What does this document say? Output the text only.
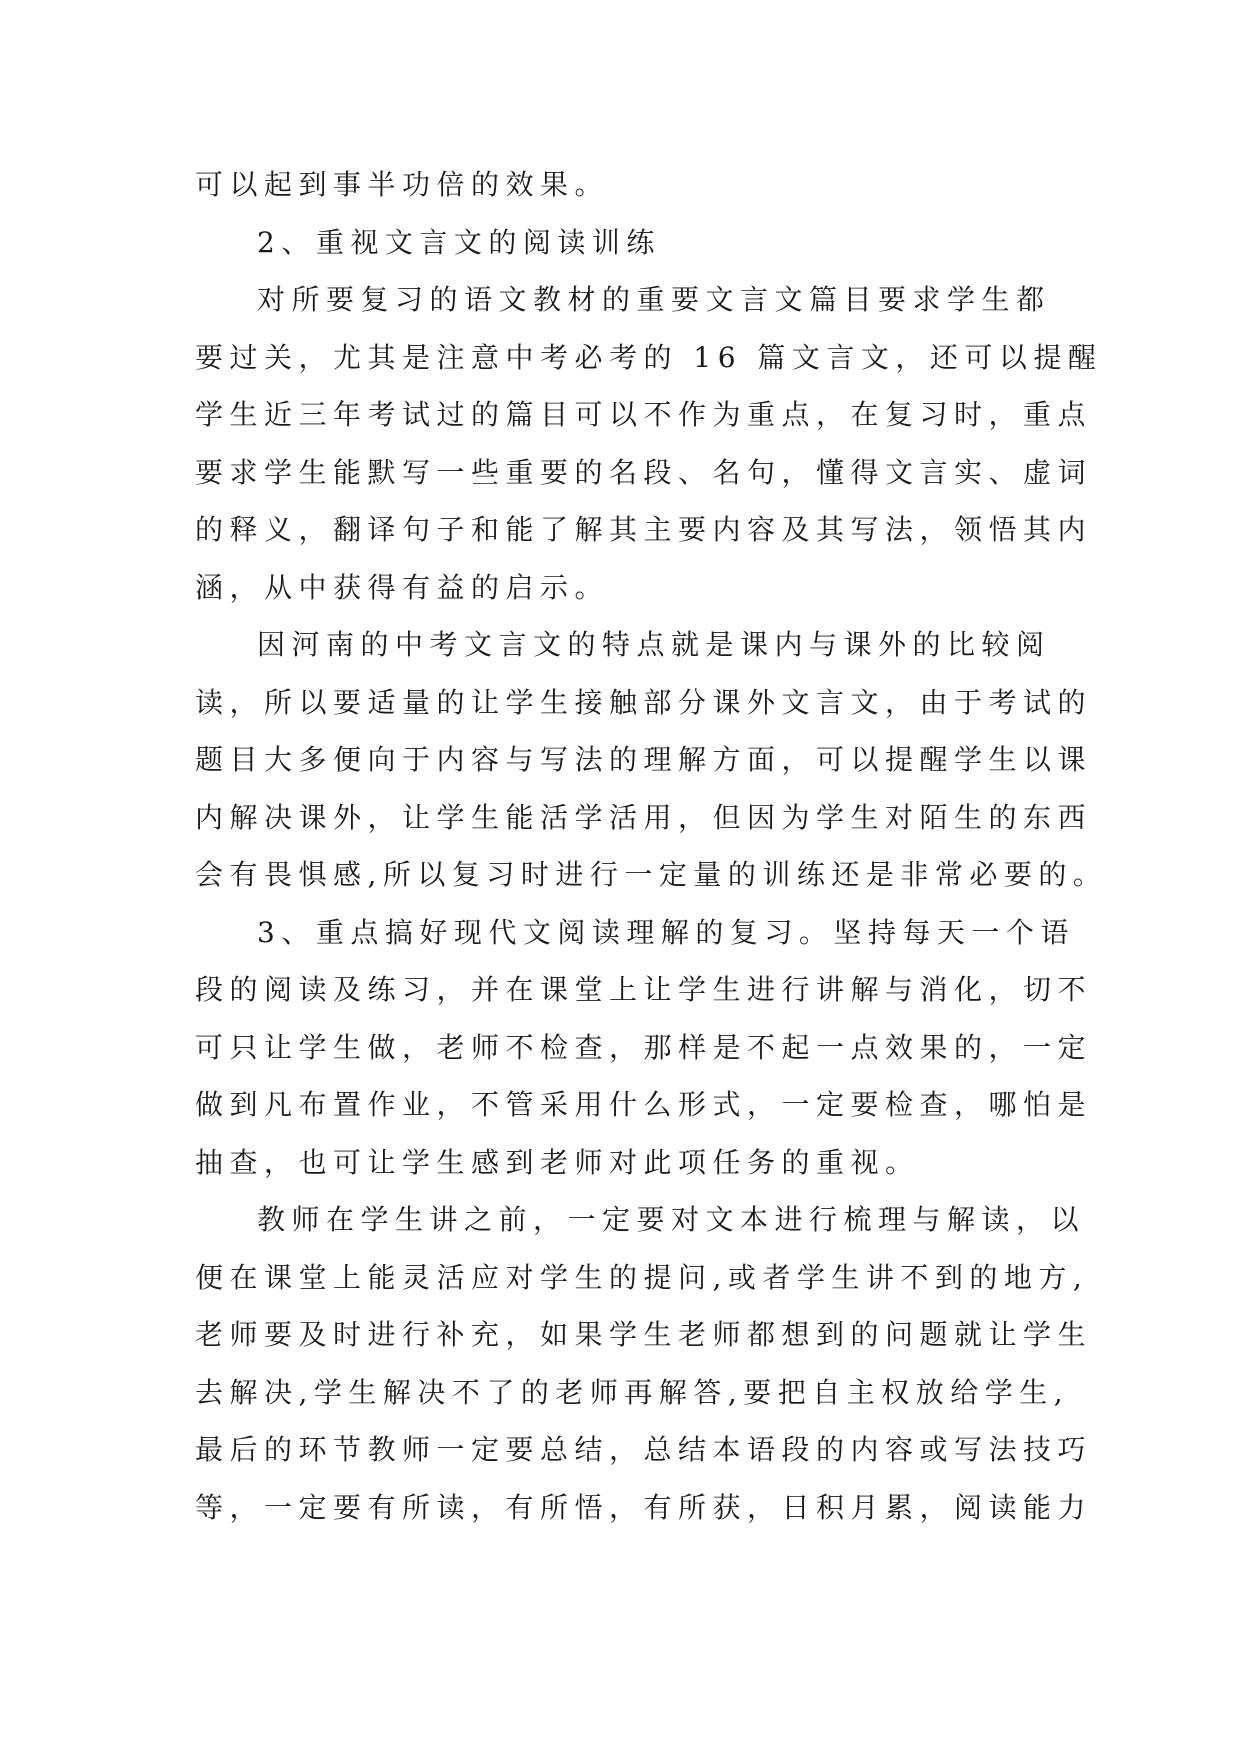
可以起到事半功倍的效果。
2、重视文言文的阅读训练
对所要复习的语文教材的重要文言文篇目要求学生都
要过关，尤其是注意中考必考的 16 篇文言文，还可以提醒
学生近三年考试过的篇目可以不作为重点，在复习时，重点
要求学生能默写一些重要的名段、名句，懂得文言实、虚词
的释义，翻译句子和能了解其主要内容及其写法，领悟其内
涵，从中获得有益的启示。
因河南的中考文言文的特点就是课内与课外的比较阅
读，所以要适量的让学生接触部分课外文言文，由于考试的
题目大多便向于内容与写法的理解方面，可以提醒学生以课
内解决课外，让学生能活学活用，但因为学生对陌生的东西
会有畏惧感,所以复习时进行一定量的训练还是非常必要的。
3、重点搞好现代文阅读理解的复习。坚持每天一个语
段的阅读及练习，并在课堂上让学生进行讲解与消化，切不
可只让学生做，老师不检查，那样是不起一点效果的，一定
做到凡布置作业，不管采用什么形式，一定要检查，哪怕是
抽查，也可让学生感到老师对此项任务的重视。
教师在学生讲之前，一定要对文本进行梳理与解读，以
便在课堂上能灵活应对学生的提问,或者学生讲不到的地方,
老师要及时进行补充，如果学生老师都想到的问题就让学生
去解决,学生解决不了的老师再解答,要把自主权放给学生,
最后的环节教师一定要总结，总结本语段的内容或写法技巧
等，一定要有所读，有所悟，有所获，日积月累，阅读能力
